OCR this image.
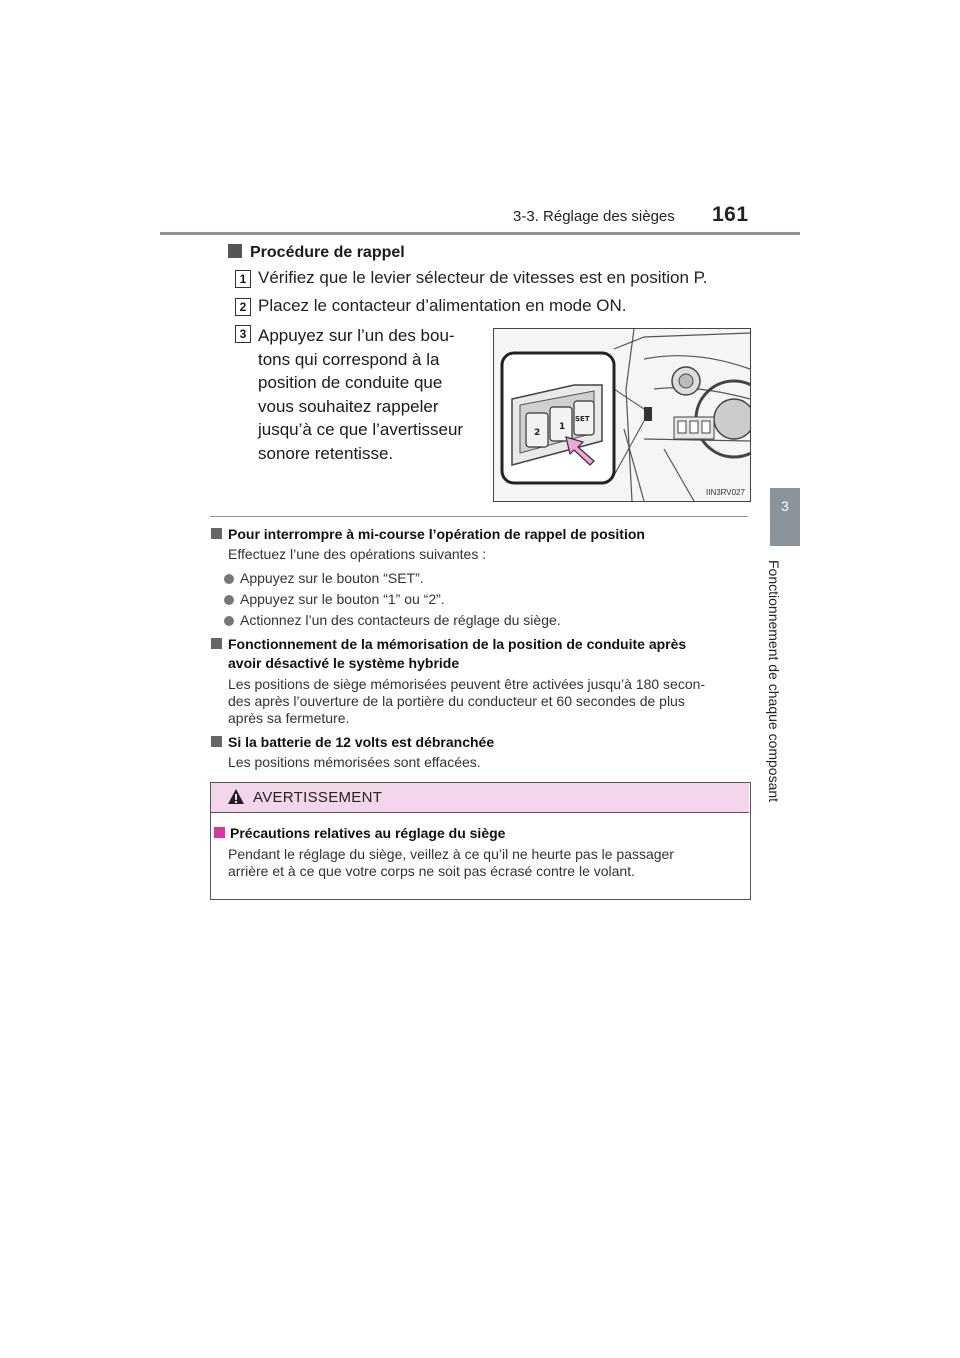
3-3. Réglage des sièges 161
3
Fonctionnement de chaque composant
Procédure de rappel
1 Vérifiez que le levier sélecteur de vitesses est en position P.
2 Placez le contacteur d’alimentation en mode ON.
3 Appuyez sur l’un des bou-
tons qui correspond à la
position de conduite que
vous souhaitez rappeler
jusqu’à ce que l’avertisseur
sonore retentisse.
2
1
SET
IIN3RV027
Pour interrompre à mi-course l’opération de rappel de position
Effectuez l’une des opérations suivantes :
Appuyez sur le bouton “SET”.
Appuyez sur le bouton “1” ou “2”.
Actionnez l’un des contacteurs de réglage du siège.
Fonctionnement de la mémorisation de la position de conduite après
avoir désactivé le système hybride
Les positions de siège mémorisées peuvent être activées jusqu’à 180 secon-
des après l’ouverture de la portière du conducteur et 60 secondes de plus
après sa fermeture.
Si la batterie de 12 volts est débranchée
Les positions mémorisées sont effacées.
AVERTISSEMENT
Précautions relatives au réglage du siège
Pendant le réglage du siège, veillez à ce qu’il ne heurte pas le passager
arrière et à ce que votre corps ne soit pas écrasé contre le volant.
